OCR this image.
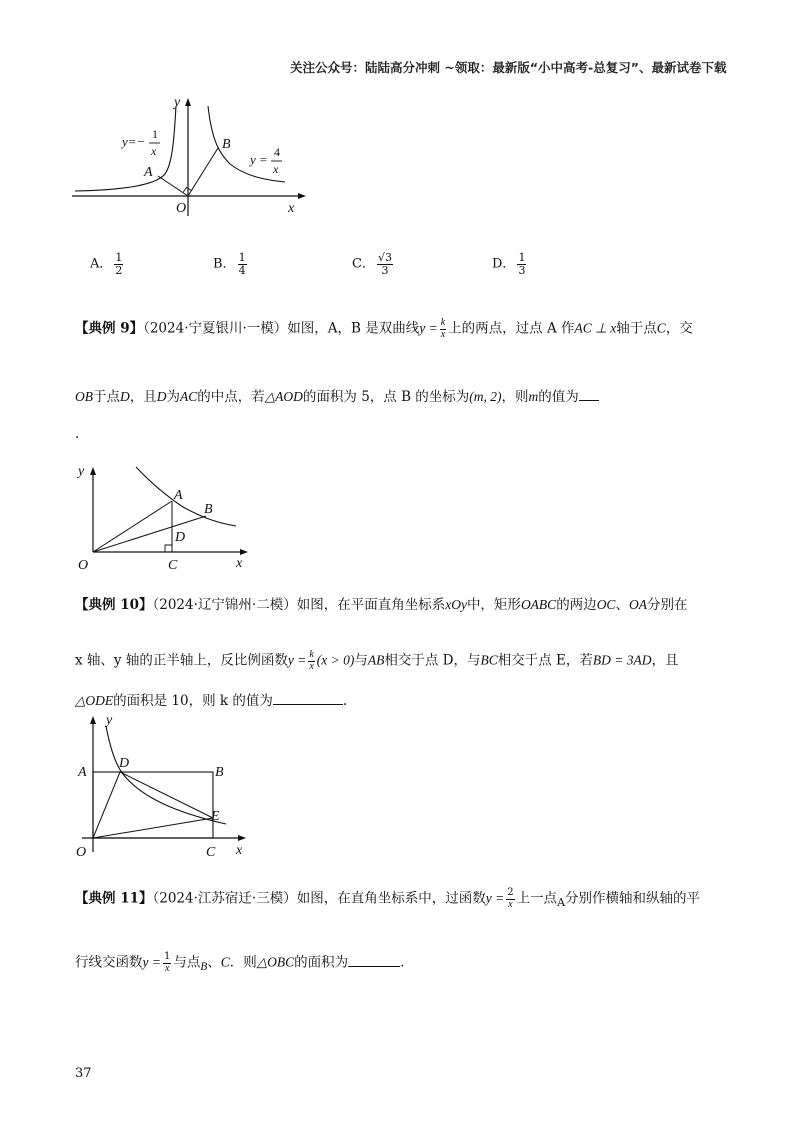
关注公众号：陆陆高分冲刺 ~领取：最新版“小中高考-总复习”、最新试卷下载
y
x
O
A
B
y=− 1
x
y = 4
x
A． $\frac{1}{2}$	B． $\frac{1}{4}$	C． $\frac{√3}{3}$	D． $\frac{1}{3}$
【典例 9】（2024·宁夏银川·一模）如图，A，B 是双曲线$y = \frac{k}{x}$ 上的两点，过点 A 作AC ⊥ x轴于点C，交
OB于点D，且D为AC的中点，若△AOD的面积为 5，点 B 的坐标为(m, 2)，则m的值为
.
y
x
O
A
B
C
D
【典例 10】（2024·辽宁锦州·二模）如图，在平面直角坐标系xOy中，矩形OABC的两边OC、OA分别在
x 轴、y 轴的正半轴上，反比例函数$y = \frac{k}{x} (x > 0)$与AB相交于点 D，与BC相交于点 E，若BD = 3AD，且
△ODE的面积是 10，则 k 的值为	.
y
x
O
A	B
C
D
E
【典例 11】（2024·江苏宿迁·三模）如图，在直角坐标系中，过函数$y = \frac{2}{x}$ 上一点$_A$分别作横轴和纵轴的平
行线交函数$y = \frac{1}{x}$ 与点$_B$、C．则△OBC的面积为	.
37
